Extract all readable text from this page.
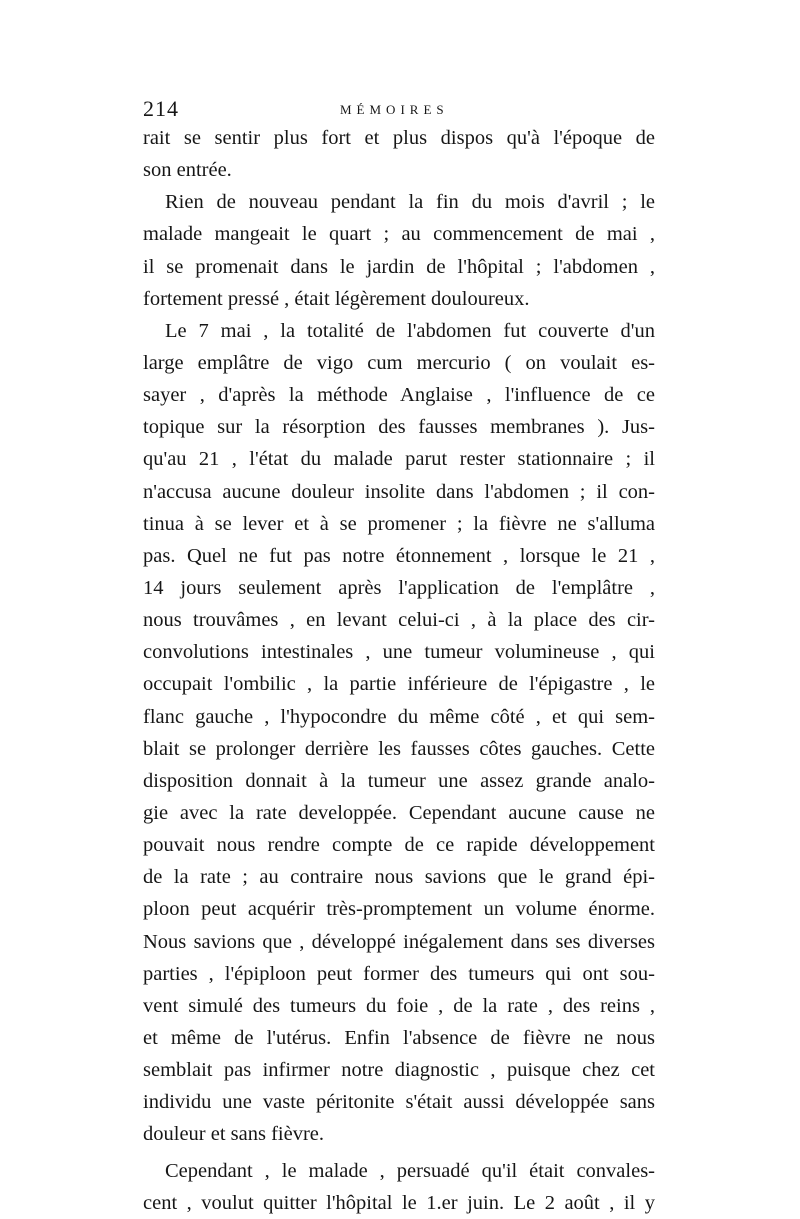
214	MÉMOIRES
rait se sentir plus fort et plus dispos qu'à l'époque de
son entrée.
Rien de nouveau pendant la fin du mois d'avril ; le
malade mangeait le quart ; au commencement de mai ,
il se promenait dans le jardin de l'hôpital ; l'abdomen ,
fortement pressé , était légèrement douloureux.
Le 7 mai , la totalité de l'abdomen fut couverte d'un
large emplâtre de vigo cum mercurio ( on voulait es-
sayer , d'après la méthode Anglaise , l'influence de ce
topique sur la résorption des fausses membranes ). Jus-
qu'au 21 , l'état du malade parut rester stationnaire ; il
n'accusa aucune douleur insolite dans l'abdomen ; il con-
tinua à se lever et à se promener ; la fièvre ne s'alluma
pas. Quel ne fut pas notre étonnement , lorsque le 21 ,
14 jours seulement après l'application de l'emplâtre ,
nous trouvâmes , en levant celui-ci , à la place des cir-
convolutions intestinales , une tumeur volumineuse , qui
occupait l'ombilic , la partie inférieure de l'épigastre , le
flanc gauche , l'hypocondre du même côté , et qui sem-
blait se prolonger derrière les fausses côtes gauches. Cette
disposition donnait à la tumeur une assez grande analo-
gie avec la rate developpée. Cependant aucune cause ne
pouvait nous rendre compte de ce rapide développement
de la rate ; au contraire nous savions que le grand épi-
ploon peut acquérir très-promptement un volume énorme.
Nous savions que , développé inégalement dans ses diverses
parties , l'épiploon peut former des tumeurs qui ont sou-
vent simulé des tumeurs du foie , de la rate , des reins ,
et même de l'utérus. Enfin l'absence de fièvre ne nous
semblait pas infirmer notre diagnostic , puisque chez cet
individu une vaste péritonite s'était aussi développée sans
douleur et sans fièvre.
Cependant , le malade , persuadé qu'il était convales-
cent , voulut quitter l'hôpital le 1.er juin. Le 2 août , il y
